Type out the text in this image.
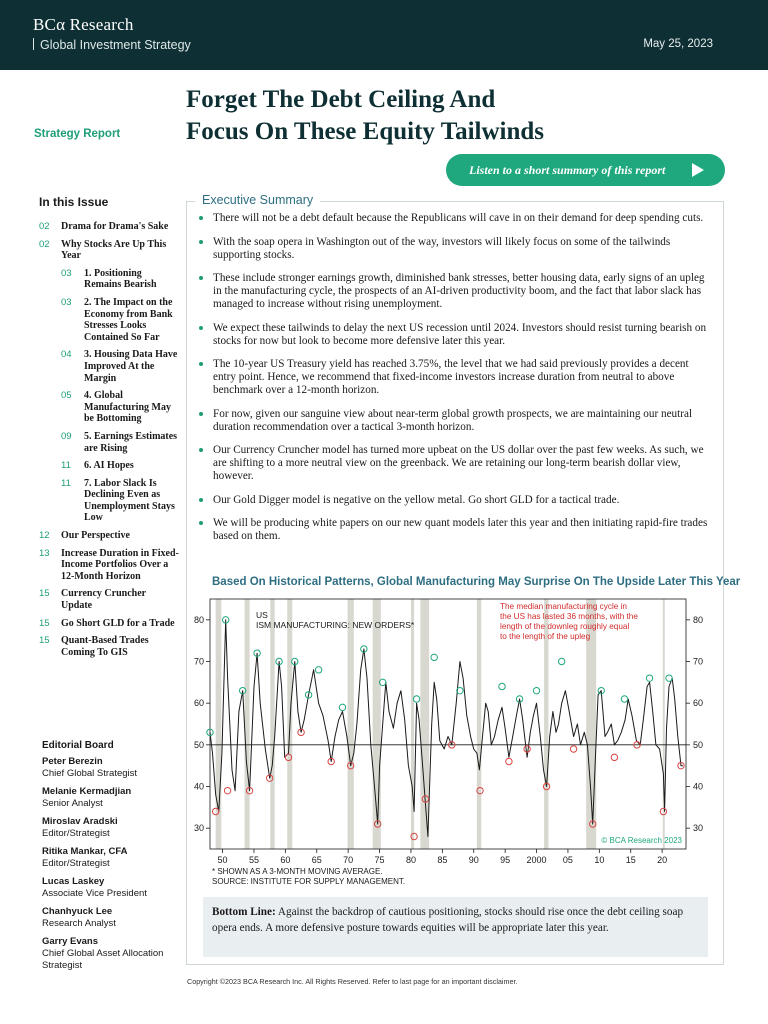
BCα Research
Global Investment Strategy	May 25, 2023
Strategy Report
Forget The Debt Ceiling And
Focus On These Equity Tailwinds
Listen to a short summary of this report
In this Issue
02 Drama for Drama's Sake
02 Why Stocks Are Up This Year
03 1. Positioning Remains Bearish
03 2. The Impact on the Economy from Bank Stresses Looks Contained So Far
04 3. Housing Data Have Improved At the Margin
05 4. Global Manufacturing May be Bottoming
09 5. Earnings Estimates are Rising
11 6. AI Hopes
11 7. Labor Slack Is Declining Even as Unemployment Stays Low
12 Our Perspective
13 Increase Duration in Fixed-Income Portfolios Over a 12-Month Horizon
15 Currency Cruncher Update
15 Go Short GLD for a Trade
15 Quant-Based Trades Coming To GIS
Editorial Board
Peter Berezin
Chief Global Strategist
Melanie Kermadjian
Senior Analyst
Miroslav Aradski
Editor/Strategist
Ritika Mankar, CFA
Editor/Strategist
Lucas Laskey
Associate Vice President
Chanhyuck Lee
Research Analyst
Garry Evans
Chief Global Asset Allocation Strategist
Executive Summary
There will not be a debt default because the Republicans will cave in on their demand for deep spending cuts.
With the soap opera in Washington out of the way, investors will likely focus on some of the tailwinds supporting stocks.
These include stronger earnings growth, diminished bank stresses, better housing data, early signs of an upleg in the manufacturing cycle, the prospects of an AI-driven productivity boom, and the fact that labor slack has managed to increase without rising unemployment.
We expect these tailwinds to delay the next US recession until 2024. Investors should resist turning bearish on stocks for now but look to become more defensive later this year.
The 10-year US Treasury yield has reached 3.75%, the level that we had said previously provides a decent entry point. Hence, we recommend that fixed-income investors increase duration from neutral to above benchmark over a 12-month horizon.
For now, given our sanguine view about near-term global growth prospects, we are maintaining our neutral duration recommendation over a tactical 3-month horizon.
Our Currency Cruncher model has turned more upbeat on the US dollar over the past few weeks. As such, we are shifting to a more neutral view on the greenback. We are retaining our long-term bearish dollar view, however.
Our Gold Digger model is negative on the yellow metal. Go short GLD for a tactical trade.
We will be producing white papers on our new quant models later this year and then initiating rapid-fire trades based on them.
Based On Historical Patterns, Global Manufacturing May Surprise On The Upside Later This Year
30	30
40	40
50	50
60	60
70	70
80	80
50 55 60 65 70 75 80 85 90 95 2000 05 10 15 20
US
ISM MANUFACTURING: NEW ORDERS*
The median manufacturing cycle in the US has lasted 36 months, with the length of the downleg roughly equal to the length of the upleg
© BCA Research 2023
* SHOWN AS A 3-MONTH MOVING AVERAGE.
SOURCE: INSTITUTE FOR SUPPLY MANAGEMENT.
Bottom Line: Against the backdrop of cautious positioning, stocks should rise once the debt ceiling soap opera ends. A more defensive posture towards equities will be appropriate later this year.
Copyright ©2023 BCA Research Inc. All Rights Reserved. Refer to last page for an important disclaimer.
